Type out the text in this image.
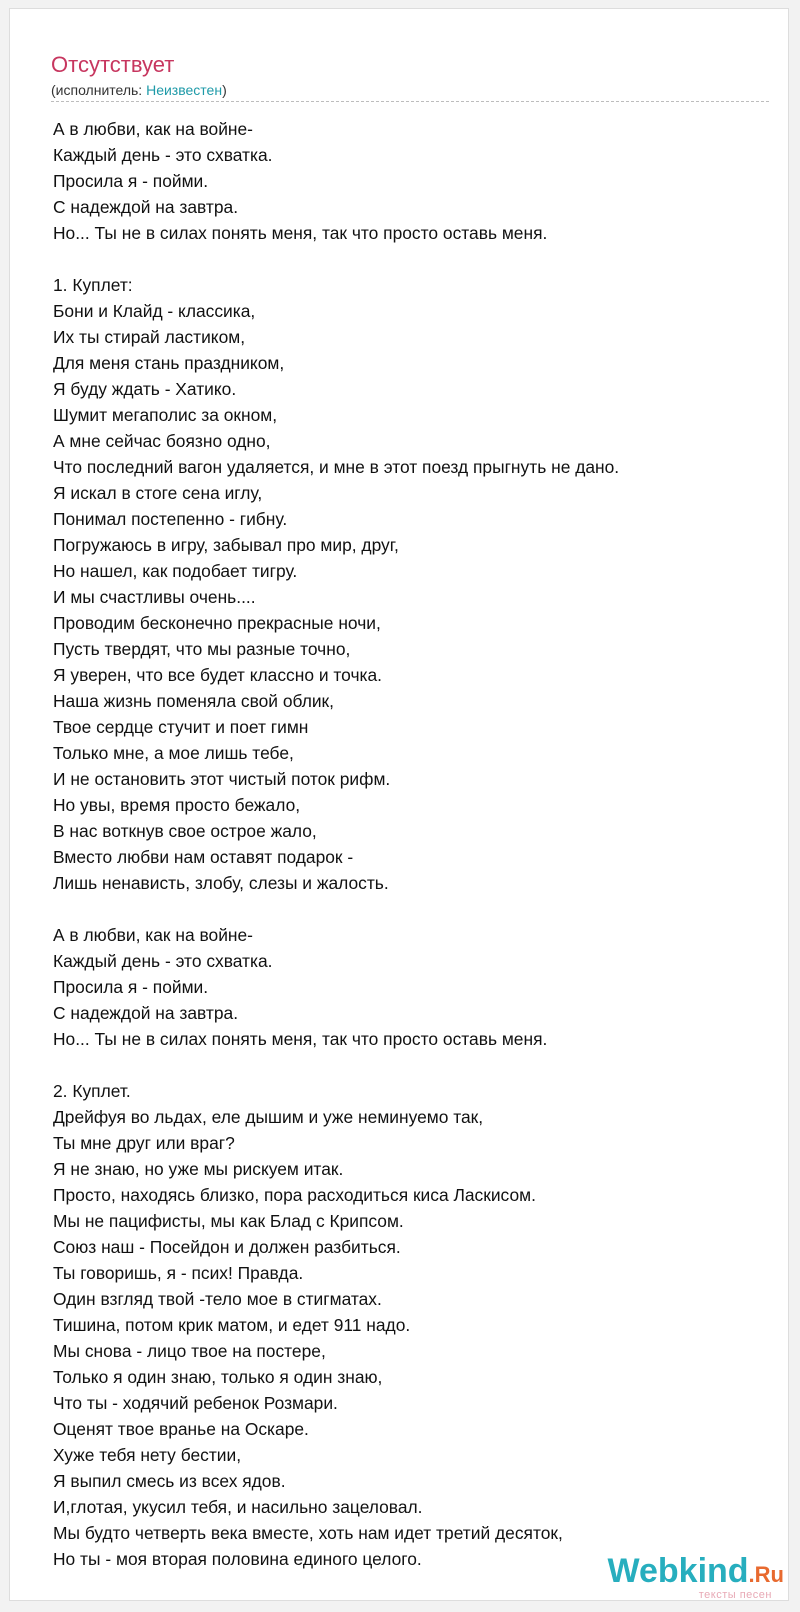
Отсутствует
(исполнитель: Неизвестен)
А в любви, как на войне-
Каждый день - это схватка.
Просила я - пойми.
С надеждой на завтра.
Но... Ты не в силах понять меня, так что просто оставь меня.
1. Куплет:
Бони и Клайд - классика,
Их ты стирай ластиком,
Для меня стань праздником,
Я буду ждать - Хатико.
Шумит мегаполис за окном,
А мне сейчас боязно одно,
Что последний вагон удаляется, и мне в этот поезд прыгнуть не дано.
Я искал в стоге сена иглу,
Понимал постепенно - гибну.
Погружаюсь в игру, забывал про мир, друг,
Но нашел, как подобает тигру.
И мы счастливы очень....
Проводим бесконечно прекрасные ночи,
Пусть твердят, что мы разные точно,
Я уверен, что все будет классно и точка.
Наша жизнь поменяла свой облик,
Твое сердце стучит и поет гимн
Только мне, а мое лишь тебе,
И не остановить этот чистый поток рифм.
Но увы, время просто бежало,
В нас воткнув свое острое жало,
Вместо любви нам оставят подарок -
Лишь ненависть, злобу, слезы и жалость.
А в любви, как на войне-
Каждый день - это схватка.
Просила я - пойми.
С надеждой на завтра.
Но... Ты не в силах понять меня, так что просто оставь меня.
2. Куплет.
Дрейфуя во льдах, еле дышим и уже неминуемо так,
Ты мне друг или враг?
Я не знаю, но уже мы рискуем итак.
Просто, находясь близко, пора расходиться киса Ласкисом.
Мы не пацифисты, мы как Блад с Крипсом.
Союз наш - Посейдон и должен разбиться.
Ты говоришь, я - псих! Правда.
Один взгляд твой -тело мое в стигматах.
Тишина, потом крик матом, и едет 911 надо.
Мы снова - лицо твое на постере,
Только я один знаю, только я один знаю,
Что ты - ходячий ребенок Розмари.
Оценят твое вранье на Оскаре.
Хуже тебя нету бестии,
Я выпил смесь из всех ядов.
И,глотая, укусил тебя, и насильно зацеловал.
Мы будто четверть века вместе, хоть нам идет третий десяток,
Но ты - моя вторая половина единого целого.	Webkind.Ru
тексты песен
